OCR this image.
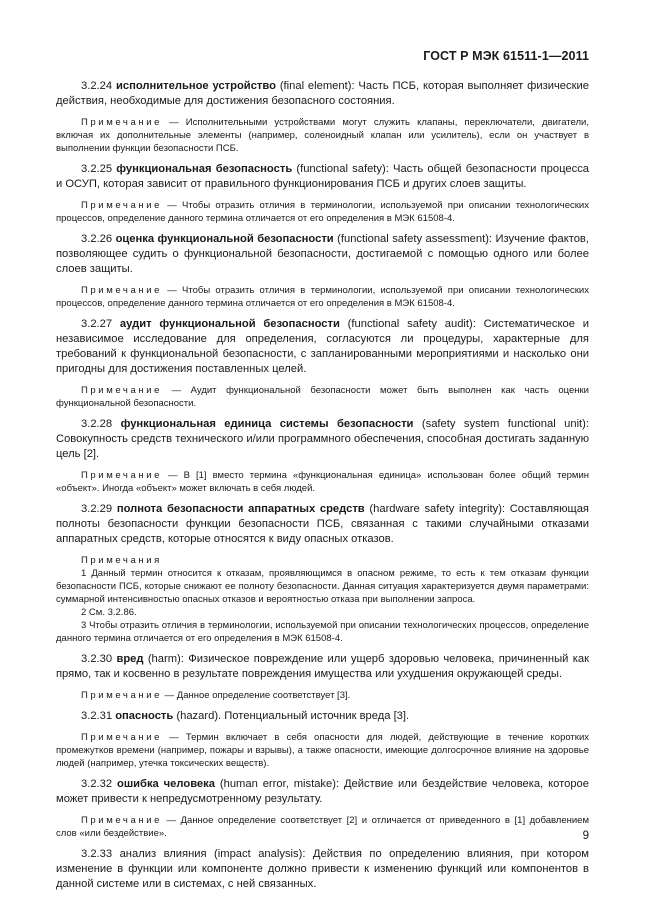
ГОСТ Р МЭК 61511-1—2011

3.2.24 исполнительное устройство (final element): Часть ПСБ, которая выполняет физические действия, необходимые для достижения безопасного состояния.

Примечание — Исполнительными устройствами могут служить клапаны, переключатели, двигатели, включая их дополнительные элементы (например, соленоидный клапан или усилитель), если он участвует в выполнении функции безопасности ПСБ.

3.2.25 функциональная безопасность (functional safety): Часть общей безопасности процесса и ОСУП, которая зависит от правильного функционирования ПСБ и других слоев защиты.

Примечание — Чтобы отразить отличия в терминологии, используемой при описании технологических процессов, определение данного термина отличается от его определения в МЭК 61508-4.

3.2.26 оценка функциональной безопасности (functional safety assessment): Изучение фактов, позволяющее судить о функциональной безопасности, достигаемой с помощью одного или более слоев защиты.

Примечание — Чтобы отразить отличия в терминологии, используемой при описании технологических процессов, определение данного термина отличается от его определения в МЭК 61508-4.

3.2.27 аудит функциональной безопасности (functional safety audit): Систематическое и независимое исследование для определения, согласуются ли процедуры, характерные для требований к функциональной безопасности, с запланированными мероприятиями и насколько они пригодны для достижения поставленных целей.

Примечание — Аудит функциональной безопасности может быть выполнен как часть оценки функциональной безопасности.

3.2.28 функциональная единица системы безопасности (safety system functional unit): Совокупность средств технического и/или программного обеспечения, способная достигать заданную цель [2].

Примечание — В [1] вместо термина «функциональная единица» использован более общий термин «объект». Иногда «объект» может включать в себя людей.

3.2.29 полнота безопасности аппаратных средств (hardware safety integrity): Составляющая полноты безопасности функции безопасности ПСБ, связанная с такими случайными отказами аппаратных средств, которые относятся к виду опасных отказов.

Примечания

1 Данный термин относится к отказам, проявляющимся в опасном режиме, то есть к тем отказам функции безопасности ПСБ, которые снижают ее полноту безопасности. Данная ситуация характеризуется двумя параметрами: суммарной интенсивностью опасных отказов и вероятностью отказа при выполнении запроса.

2 См. 3.2.86.

3 Чтобы отразить отличия в терминологии, используемой при описании технологических процессов, определение данного термина отличается от его определения в МЭК 61508-4.

3.2.30 вред (harm): Физическое повреждение или ущерб здоровью человека, причиненный как прямо, так и косвенно в результате повреждения имущества или ухудшения окружающей среды.

Примечание — Данное определение соответствует [3].

3.2.31 опасность (hazard). Потенциальный источник вреда [3].

Примечание — Термин включает в себя опасности для людей, действующие в течение коротких промежутков времени (например, пожары и взрывы), а также опасности, имеющие долгосрочное влияние на здоровье людей (например, утечка токсических веществ).

3.2.32 ошибка человека (human error, mistake): Действие или бездействие человека, которое может привести к непредусмотренному результату.

Примечание — Данное определение соответствует [2] и отличается от приведенного в [1] добавлением слов «или бездействие».

3.2.33 анализ влияния (impact analysis): Действия по определению влияния, при котором изменение в функции или компоненте должно привести к изменению функций или компонентов в данной системе или в системах, с ней связанных.

9
